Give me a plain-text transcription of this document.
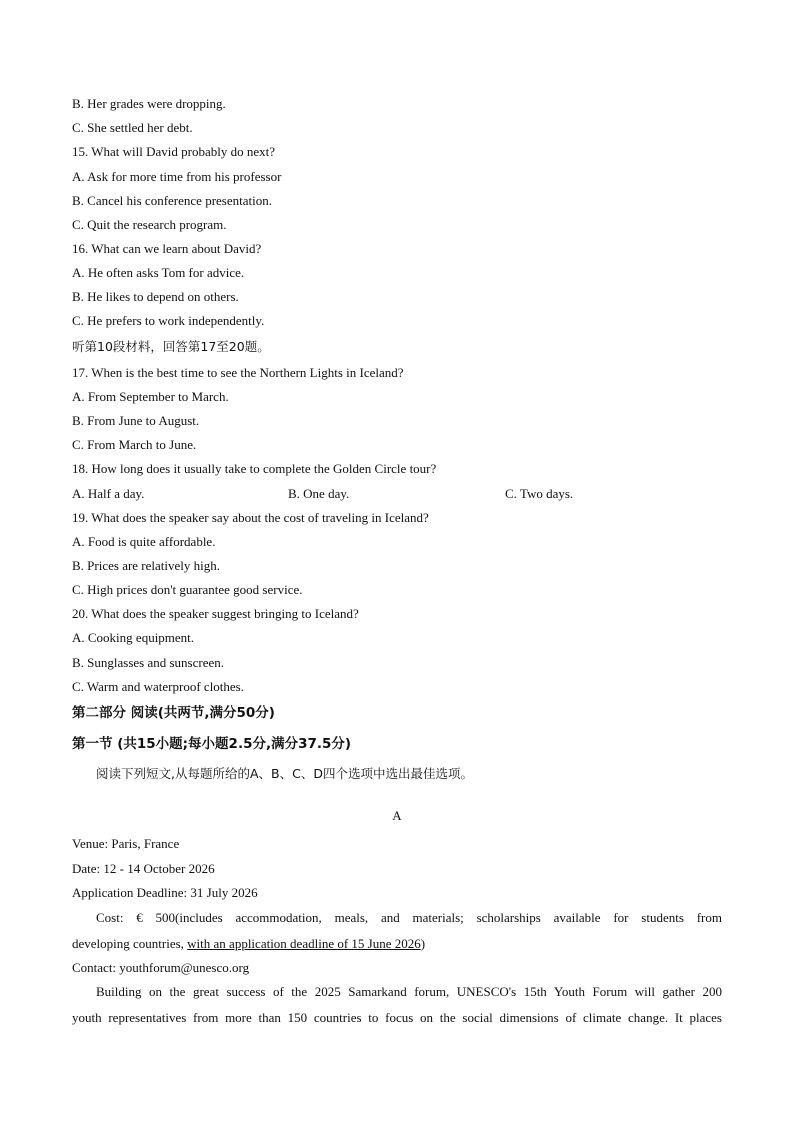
B. Her grades were dropping.
C. She settled her debt.
15. What will David probably do next?
A. Ask for more time from his professor
B. Cancel his conference presentation.
C. Quit the research program.
16. What can we learn about David?
A. He often asks Tom for advice.
B. He likes to depend on others.
C. He prefers to work independently.
听第10段材料，回答第17至20题。
17. When is the best time to see the Northern Lights in Iceland?
A. From September to March.
B. From June to August.
C. From March to June.
18. How long does it usually take to complete the Golden Circle tour?
A. Half a day.	B. One day.	C. Two days.
19. What does the speaker say about the cost of traveling in Iceland?
A. Food is quite affordable.
B. Prices are relatively high.
C. High prices don't guarantee good service.
20. What does the speaker suggest bringing to Iceland?
A. Cooking equipment.
B. Sunglasses and sunscreen.
C. Warm and waterproof clothes.
第二部分 阅读(共两节,满分50分)
第一节 (共15小题;每小题2.5分,满分37.5分)
阅读下列短文,从每题所给的A、B、C、D四个选项中选出最佳选项。
A
Venue: Paris, France
Date: 12 - 14 October 2026
Application Deadline: 31 July 2026
Cost: € 500(includes accommodation, meals, and materials; scholarships available for students from
developing countries, with an application deadline of 15 June 2026)
Contact: youthforum@unesco.org
Building on the great success of the 2025 Samarkand forum, UNESCO's 15th Youth Forum will gather 200
youth representatives from more than 150 countries to focus on the social dimensions of climate change. It places
